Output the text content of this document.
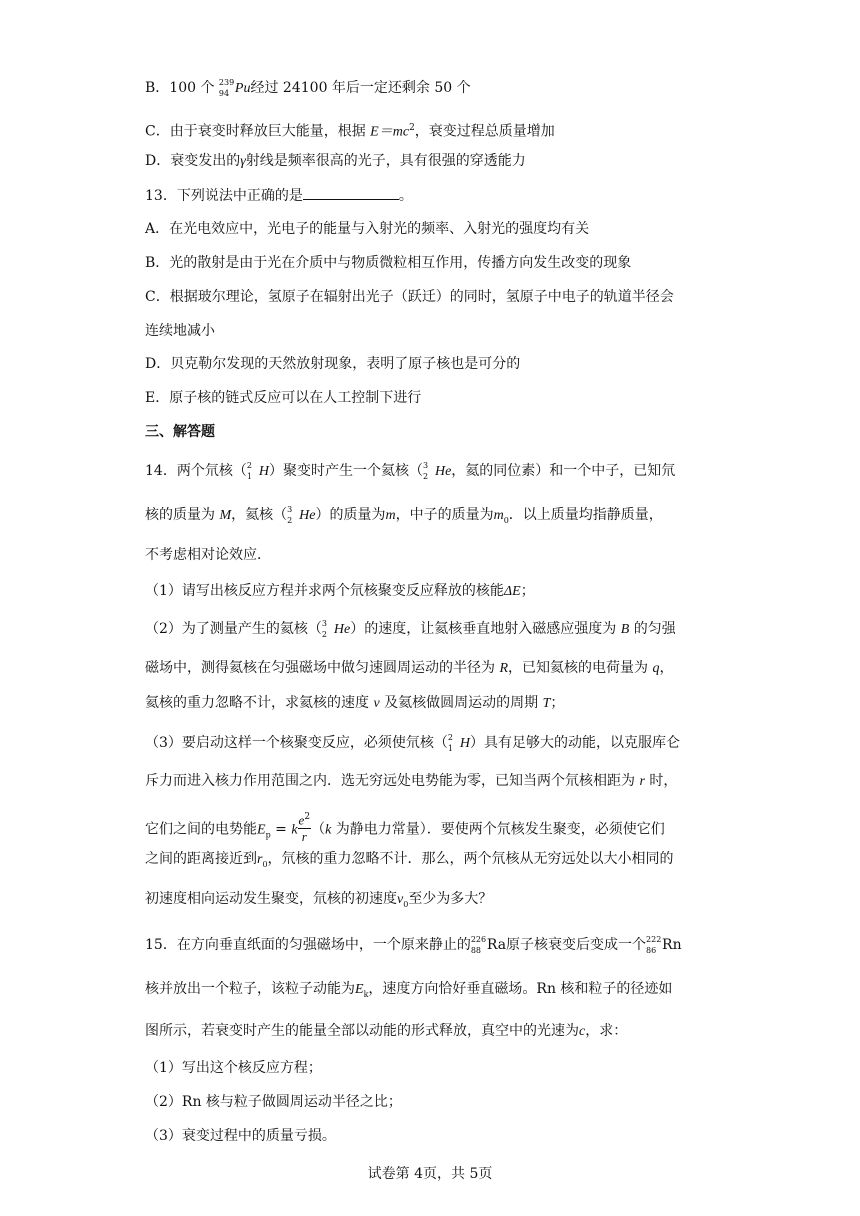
B．100 个 239
94 Pu经过 24100 年后一定还剩余 50 个
C．由于衰变时释放巨大能量，根据 $E=mc^2$，衰变过程总质量增加
D．衰变发出的γ射线是频率很高的光子，具有很强的穿透能力
13．下列说法中正确的是	。
A．在光电效应中，光电子的能量与入射光的频率、入射光的强度均有关
B．光的散射是由于光在介质中与物质微粒相互作用，传播方向发生改变的现象
C．根据玻尔理论，氢原子在辐射出光子（跃迁）的同时，氢原子中电子的轨道半径会
连续地减小
D．贝克勒尔发现的天然放射现象，表明了原子核也是可分的
E．原子核的链式反应可以在人工控制下进行
三、解答题
14．两个氘核（ 2
1 H）聚变时产生一个氦核（ 3
2 He，氦的同位素）和一个中子，已知氘
核的质量为 M，氦核（ 3
2 He）的质量为m，中子的质量为$m_0$．以上质量均指静质量，
不考虑相对论效应．
（1）请写出核反应方程并求两个氘核聚变反应释放的核能ΔE；
（2）为了测量产生的氦核（ 3
2 He）的速度，让氦核垂直地射入磁感应强度为 B 的匀强
磁场中，测得氦核在匀强磁场中做匀速圆周运动的半径为 R，已知氦核的电荷量为 q，
氦核的重力忽略不计，求氦核的速度 v 及氦核做圆周运动的周期 T；
（3）要启动这样一个核聚变反应，必须使氘核（ 2
1 H）具有足够大的动能，以克服库仑
斥力而进入核力作用范围之内．选无穷远处电势能为零，已知当两个氘核相距为 r 时，
它们之间的电势能$E_p = k \frac{e^2}{r} (k$ 为静电力常量）．要使两个氘核发生聚变，必须使它们
之间的距离接近到$r_0$，氘核的重力忽略不计．那么，两个氘核从无穷远处以大小相同的
初速度相向运动发生聚变，氘核的初速度$v_0$至少为多大？
15．在方向垂直纸面的匀强磁场中，一个原来静止的 226
88 Ra原子核衰变后变成一个 222
86 Rn
核并放出一个粒子，该粒子动能为$E_k$，速度方向恰好垂直磁场。Rn 核和粒子的径迹如
图所示，若衰变时产生的能量全部以动能的形式释放，真空中的光速为c，求：
（1）写出这个核反应方程；
（2）Rn 核与粒子做圆周运动半径之比；
（3）衰变过程中的质量亏损。
试卷第 4页，共 5页
